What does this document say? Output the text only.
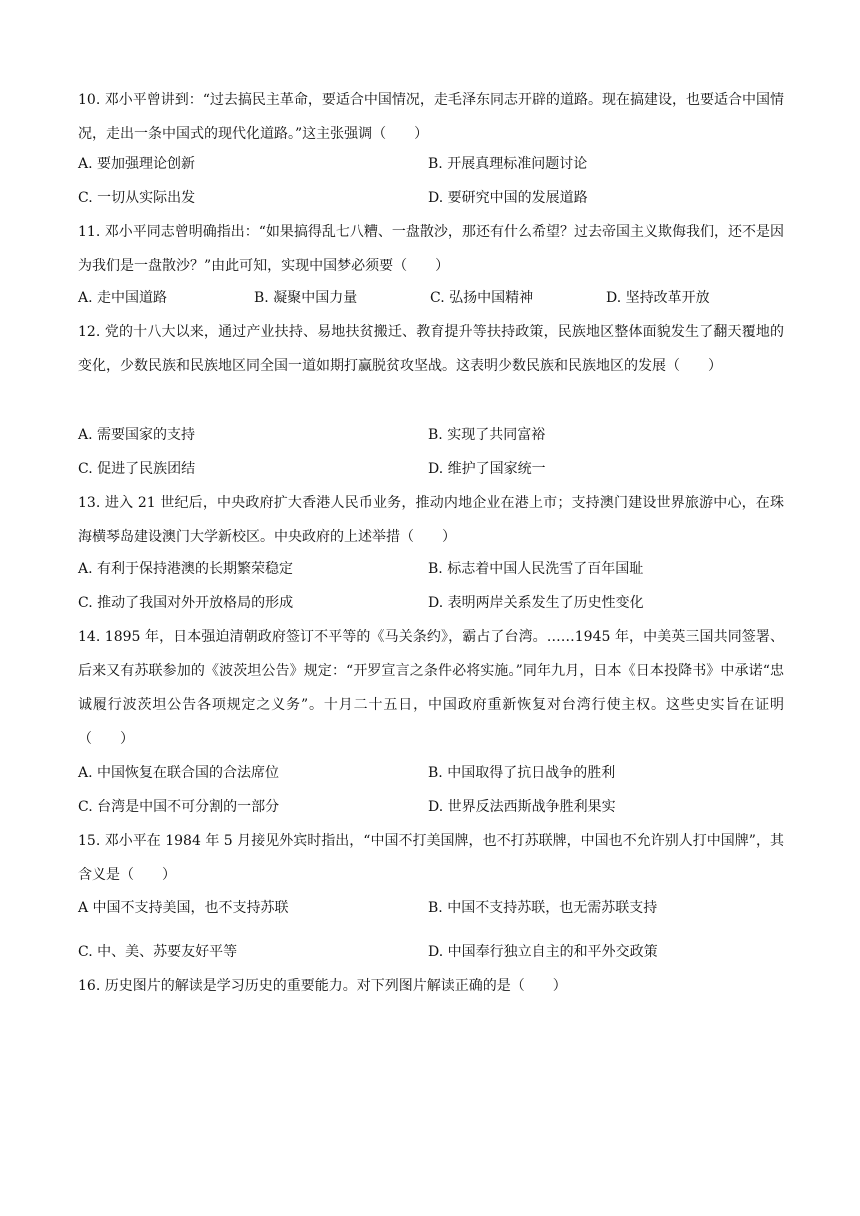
10. 邓小平曾讲到：“过去搞民主革命，要适合中国情况，走毛泽东同志开辟的道路。现在搞建设，也要适合中国情况，走出一条中国式的现代化道路。”这主张强调（　　）

A. 要加强理论创新	B. 开展真理标准问题讨论
C. 一切从实际出发	D. 要研究中国的发展道路

11. 邓小平同志曾明确指出：“如果搞得乱七八糟、一盘散沙，那还有什么希望？过去帝国主义欺侮我们，还不是因为我们是一盘散沙？”由此可知，实现中国梦必须要（　　）

A. 走中国道路	B. 凝聚中国力量	C. 弘扬中国精神	D. 坚持改革开放

12. 党的十八大以来，通过产业扶持、易地扶贫搬迁、教育提升等扶持政策，民族地区整体面貌发生了翻天覆地的变化，少数民族和民族地区同全国一道如期打赢脱贫攻坚战。这表明少数民族和民族地区的发展（　　）

A. 需要国家的支持	B. 实现了共同富裕
C. 促进了民族团结	D. 维护了国家统一

13. 进入 21 世纪后，中央政府扩大香港人民币业务，推动内地企业在港上市；支持澳门建设世界旅游中心，在珠海横琴岛建设澳门大学新校区。中央政府的上述举措（　　）

A. 有利于保持港澳的长期繁荣稳定	B. 标志着中国人民洗雪了百年国耻
C. 推动了我国对外开放格局的形成	D. 表明两岸关系发生了历史性变化

14. 1895 年，日本强迫清朝政府签订不平等的《马关条约》，霸占了台湾。……1945 年，中美英三国共同签署、后来又有苏联参加的《波茨坦公告》规定：“开罗宣言之条件必将实施。”同年九月，日本《日本投降书》中承诺“忠诚履行波茨坦公告各项规定之义务”。十月二十五日，中国政府重新恢复对台湾行使主权。这些史实旨在证明（　　）

A. 中国恢复在联合国的合法席位	B. 中国取得了抗日战争的胜利
C. 台湾是中国不可分割的一部分	D. 世界反法西斯战争胜利果实

15. 邓小平在 1984 年 5 月接见外宾时指出，“中国不打美国牌，也不打苏联牌，中国也不允许别人打中国牌”，其含义是（　　）

A 中国不支持美国，也不支持苏联	B. 中国不支持苏联，也无需苏联支持
C. 中、美、苏要友好平等	D. 中国奉行独立自主的和平外交政策

16. 历史图片的解读是学习历史的重要能力。对下列图片解读正确的是（　　）
